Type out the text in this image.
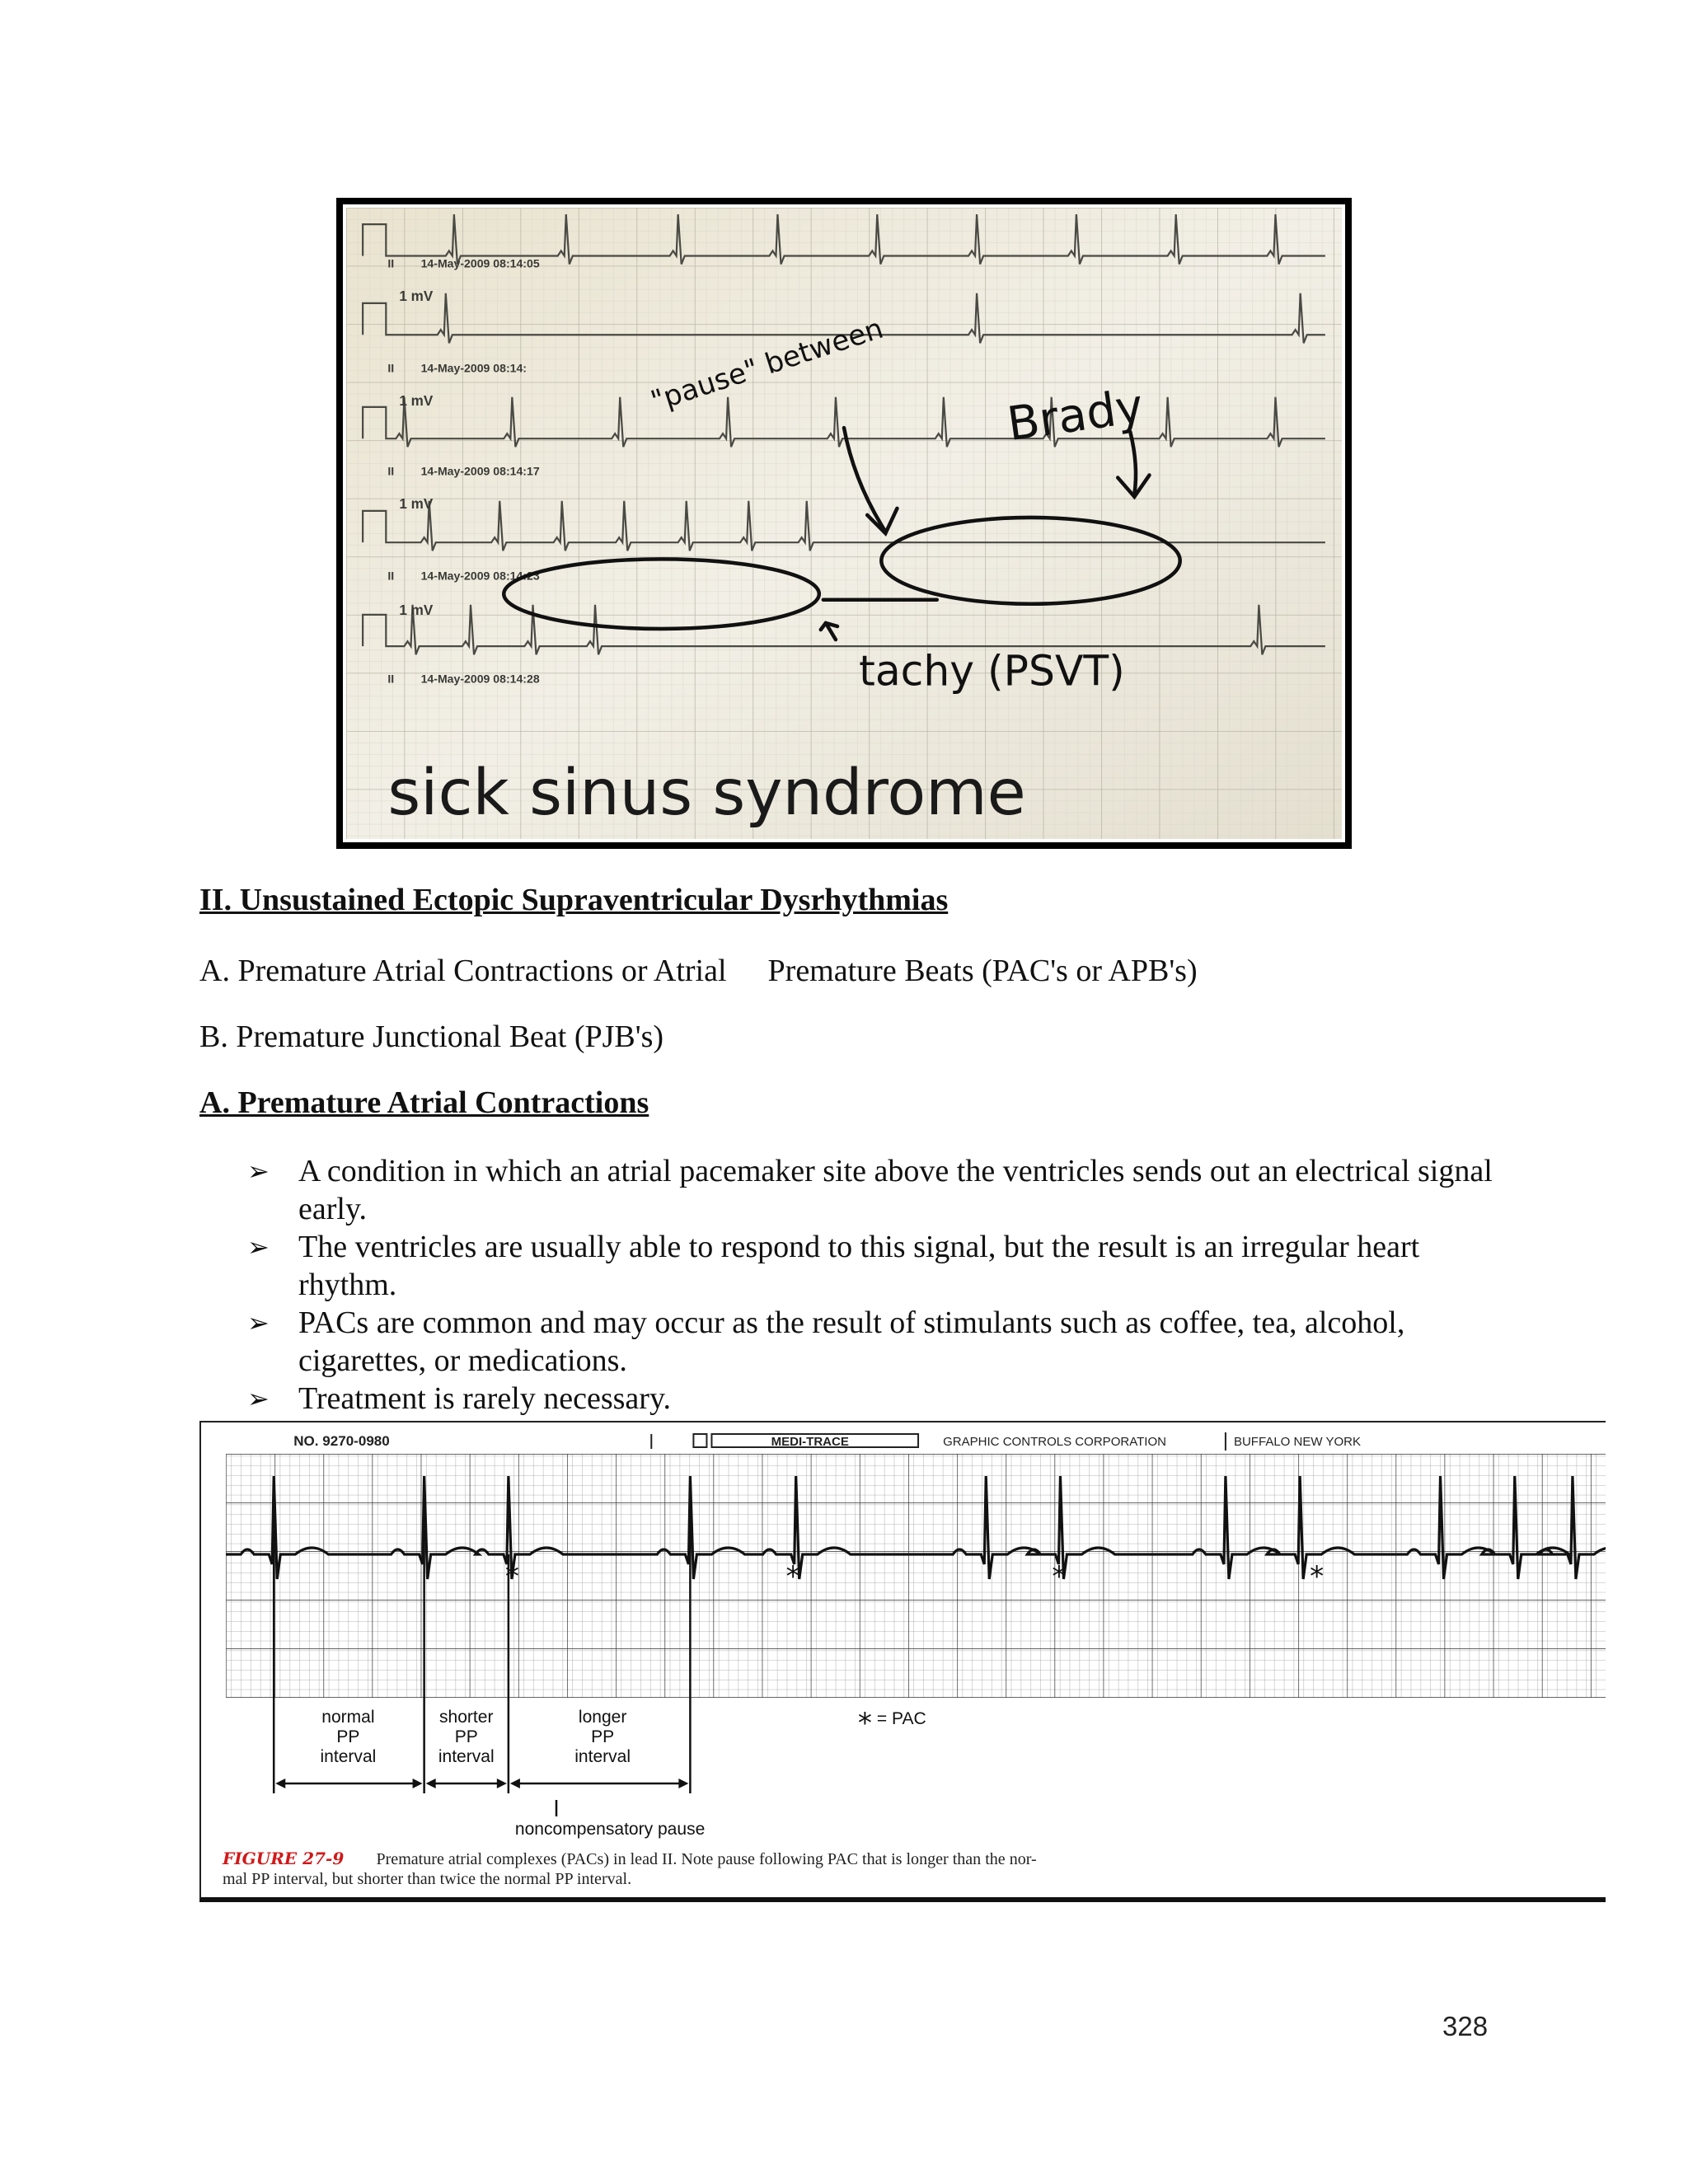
II 14-May-2009 08:14:05
1 mV
II 14-May-2009 08:14:
1 mV
II 14-May-2009 08:14:17
1 mV
II 14-May-2009 08:14:23
1 mV
II 14-May-2009 08:14:28
"pause" between	Brady
tachy (PSVT)
sick sinus syndrome
II. Unsustained Ectopic Supraventricular Dysrhythmias
A. Premature Atrial Contractions or Atrial Premature Beats (PAC's or APB's)
B. Premature Junctional Beat (PJB's)
A. Premature Atrial Contractions
➢ A condition in which an atrial pacemaker site above the ventricles sends out an electrical signal early.
➢ The ventricles are usually able to respond to this signal, but the result is an irregular heart rhythm.
➢ PACs are common and may occur as the result of stimulants such as coffee, tea, alcohol, cigarettes, or medications.
➢ Treatment is rarely necessary.
NO. 9270-0980	MEDI-TRACE	GRAPHIC CONTROLS CORPORATION	BUFFALO NEW YORK
*	*	*	*
normal
PP
interval
shorter
PP
interval
longer
PP
interval
* = PAC
noncompensatory pause
FIGURE 27-9 Premature atrial complexes (PACs) in lead II. Note pause following PAC that is longer than the nor-
mal PP interval, but shorter than twice the normal PP interval.
328
